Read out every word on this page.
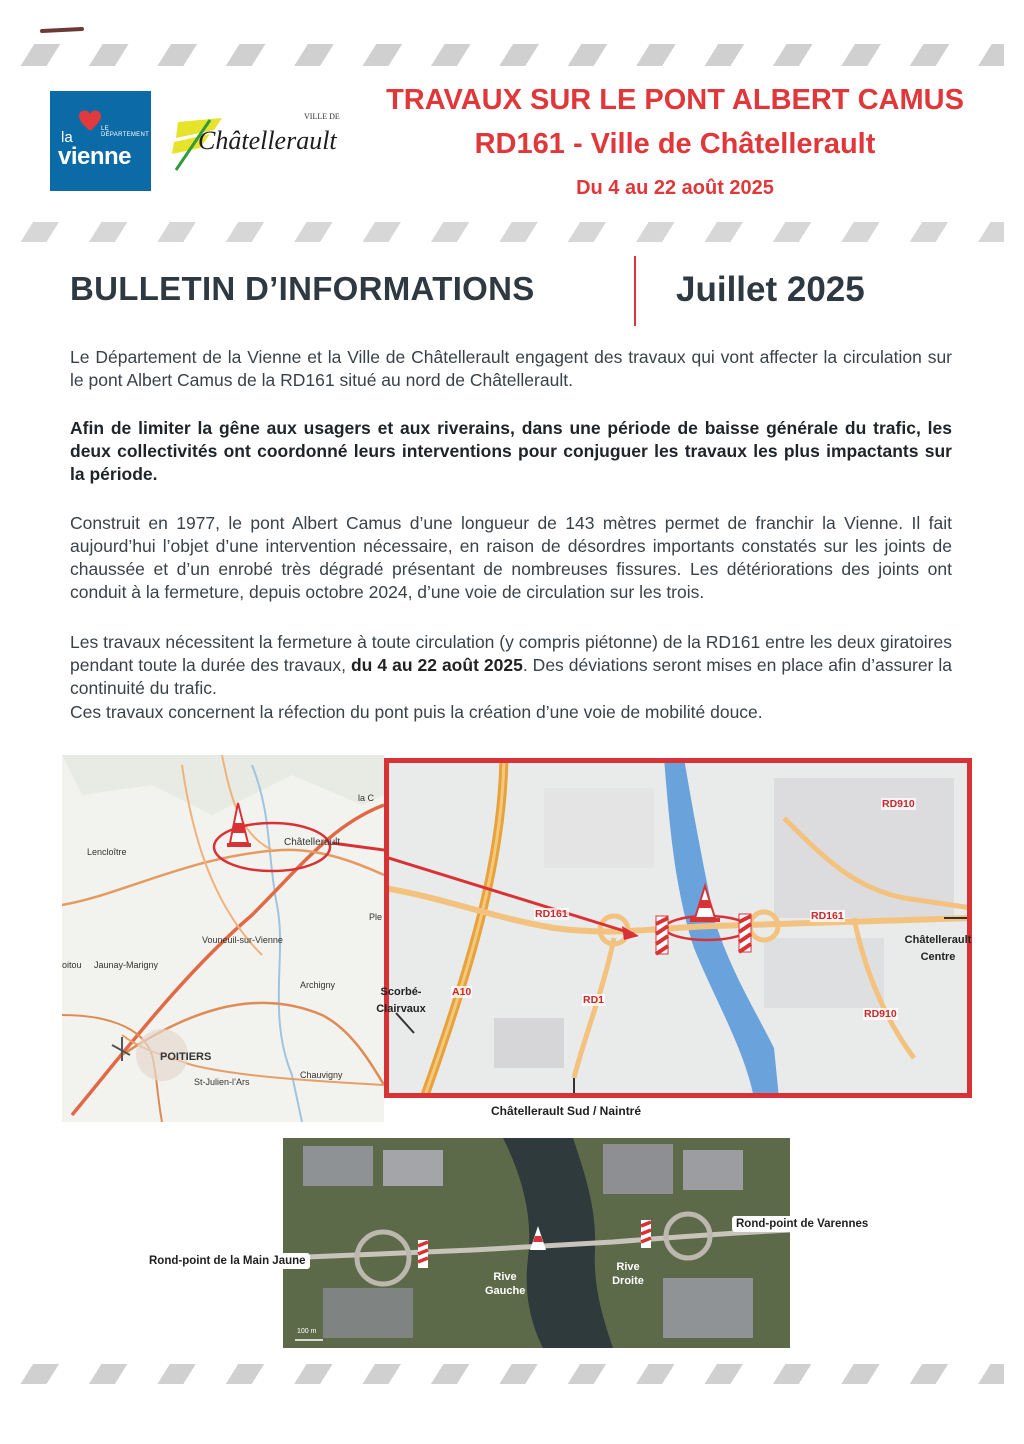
la	LE DÉPARTEMENT
vienne
VILLE DE
Châtellerault
TRAVAUX SUR LE PONT ALBERT CAMUS
RD161 - Ville de Châtellerault
Du 4 au 22 août 2025
BULLETIN D’INFORMATIONS	Juillet 2025
Le Département de la Vienne et la Ville de Châtellerault engagent des travaux qui vont affecter la circulation sur le pont Albert Camus de la RD161 situé au nord de Châtellerault.
Afin de limiter la gêne aux usagers et aux riverains, dans une période de baisse générale du trafic, les deux collectivités ont coordonné leurs interventions pour conjuguer les travaux les plus impactants sur la période.
Construit en 1977, le pont Albert Camus d’une longueur de 143 mètres permet de franchir la Vienne. Il fait aujourd’hui l’objet d’une intervention nécessaire, en raison de désordres importants constatés sur les joints de chaussée et d’un enrobé très dégradé présentant de nombreuses fissures. Les détériorations des joints ont conduit à la fermeture, depuis octobre 2024, d’une voie de circulation sur les trois.
Les travaux nécessitent la fermeture à toute circulation (y compris piétonne) de la RD161 entre les deux giratoires pendant toute la durée des travaux, du 4 au 22 août 2025. Des déviations seront mises en place afin d’assurer la continuité du trafic.
Ces travaux concernent la réfection du pont puis la création d’une voie de mobilité douce.
Châtellerault
Lencloître
Vouneuil-sur-Vienne
Jaunay-Marigny
oitou
Archigny
POITIERS
St-Julien-l’Ars
Chauvigny
Ple
la C	RD910
RD161	RD161
RD1
A10
RD910
Châtellerault Centre
Scorbé- Clairvaux
Châtellerault Sud / Naintré
Rive Gauche
Rive Droite
100 m
Rond-point de la Main Jaune
Rond-point de Varennes
